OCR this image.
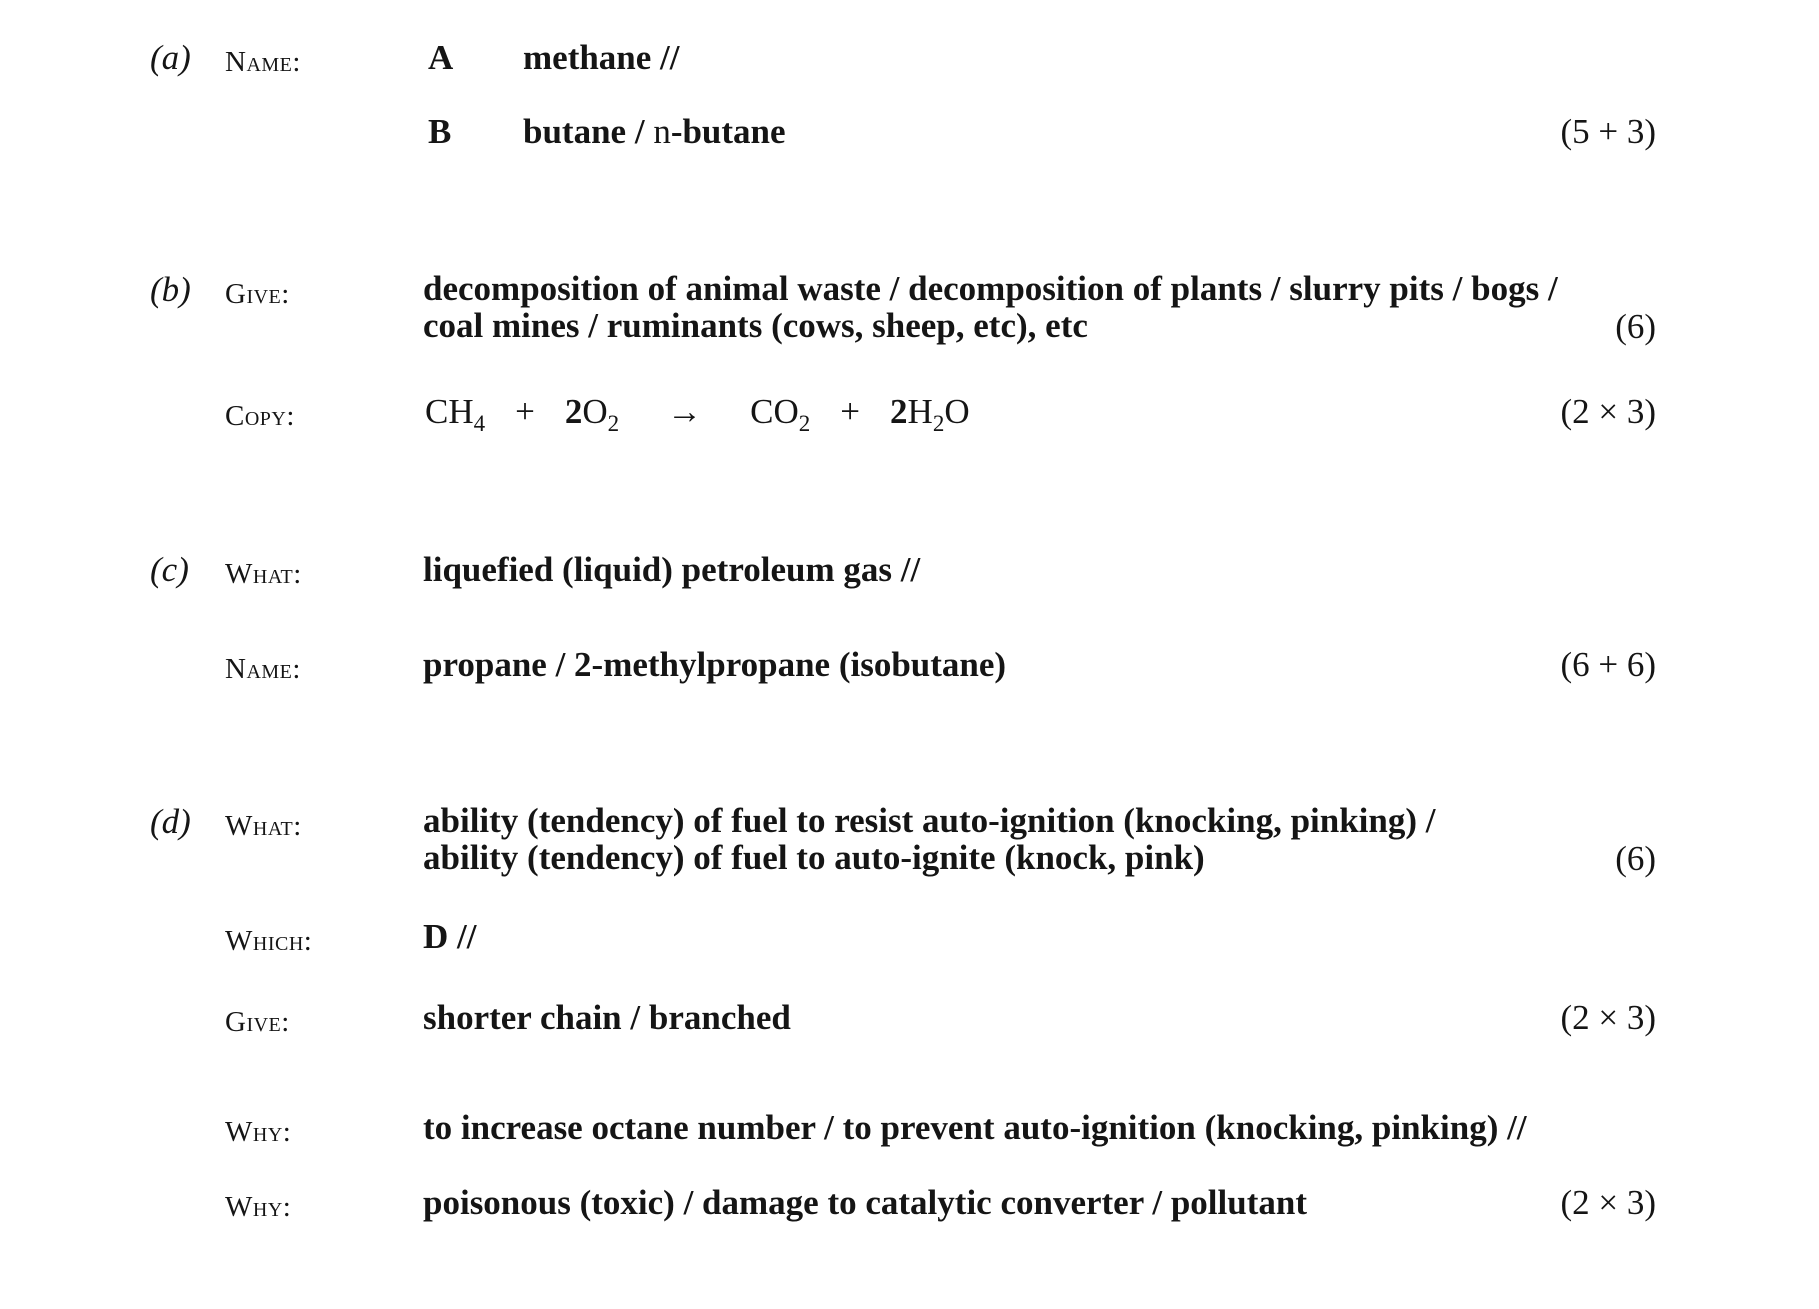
(a) Name:	A methane //
B butane / n-butane	(5 + 3)
(b) Give:	decomposition of animal waste / decomposition of plants / slurry pits / bogs /
coal mines / ruminants (cows, sheep, etc), etc	(6)
Copy:	$CH_4 + 2O_2 \to CO_2 + 2H_2O$	(2 × 3)
(c) What:	liquefied (liquid) petroleum gas //
Name:	propane / 2-methylpropane (isobutane)	(6 + 6)
(d) What:	ability (tendency) of fuel to resist auto-ignition (knocking, pinking) /
ability (tendency) of fuel to auto-ignite (knock, pink)	(6)
Which:	D //
Give:	shorter chain / branched	(2 × 3)
Why:	to increase octane number / to prevent auto-ignition (knocking, pinking) //
Why:	poisonous (toxic) / damage to catalytic converter / pollutant	(2 × 3)
